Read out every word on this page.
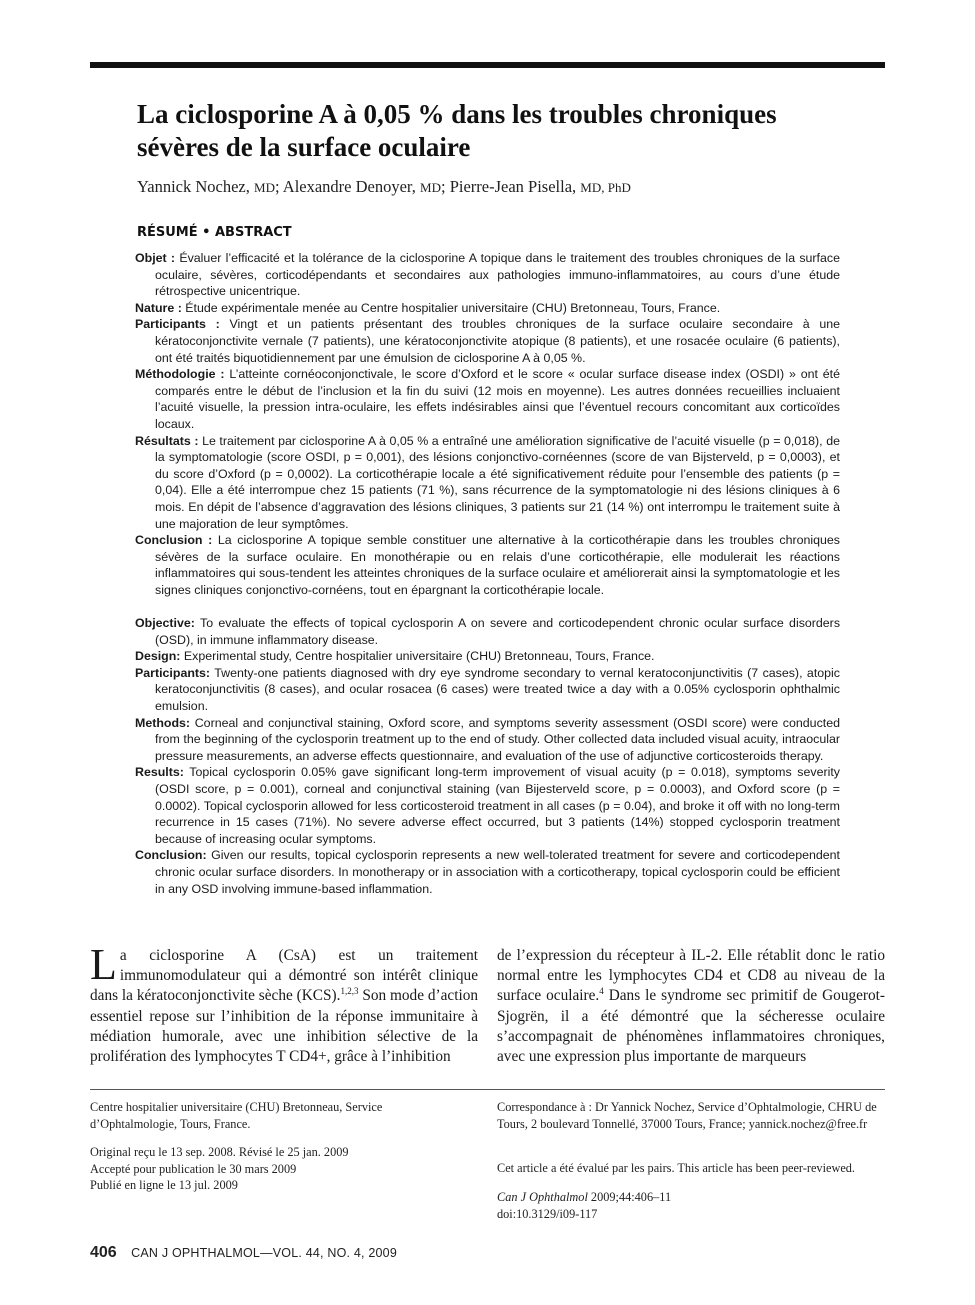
La ciclosporine A à 0,05 % dans les troubles chroniques sévères de la surface oculaire
Yannick Nochez, MD; Alexandre Denoyer, MD; Pierre-Jean Pisella, MD, PhD
RÉSUMÉ • ABSTRACT

Objet : Évaluer l’efficacité et la tolérance de la ciclosporine A topique dans le traitement des troubles chroniques de la surface oculaire, sévères, corticodépendants et secondaires aux pathologies immuno-inflammatoires, au cours d’une étude rétrospective unicentrique.

Nature : Étude expérimentale menée au Centre hospitalier universitaire (CHU) Bretonneau, Tours, France.

Participants : Vingt et un patients présentant des troubles chroniques de la surface oculaire secondaire à une kératoconjonctivite vernale (7 patients), une kératoconjonctivite atopique (8 patients), et une rosacée oculaire (6 patients), ont été traités biquotidiennement par une émulsion de ciclosporine A à 0,05 %.

Méthodologie : L’atteinte cornéoconjonctivale, le score d’Oxford et le score « ocular surface disease index (OSDI) » ont été comparés entre le début de l’inclusion et la fin du suivi (12 mois en moyenne). Les autres données recueillies incluaient l’acuité visuelle, la pression intra-oculaire, les effets indésirables ainsi que l’éventuel recours concomitant aux corticoïdes locaux.

Résultats : Le traitement par ciclosporine A à 0,05 % a entraîné une amélioration significative de l’acuité visuelle (p = 0,018), de la symptomatologie (score OSDI, p = 0,001), des lésions conjonctivo-cornéennes (score de van Bijsterveld, p = 0,0003), et du score d’Oxford (p = 0,0002). La corticothérapie locale a été significativement réduite pour l’ensemble des patients (p = 0,04). Elle a été interrompue chez 15 patients (71 %), sans récurrence de la symptomatologie ni des lésions cliniques à 6 mois. En dépit de l’absence d’aggravation des lésions cliniques, 3 patients sur 21 (14 %) ont interrompu le traitement suite à une majoration de leur symptômes.

Conclusion : La ciclosporine A topique semble constituer une alternative à la corticothérapie dans les troubles chroniques sévères de la surface oculaire. En monothérapie ou en relais d’une corticothérapie, elle modulerait les réactions inflammatoires qui sous-tendent les atteintes chroniques de la surface oculaire et améliorerait ainsi la symptomatologie et les signes cliniques conjonctivo-cornéens, tout en épargnant la corticothérapie locale.

Objective: To evaluate the effects of topical cyclosporin A on severe and corticodependent chronic ocular surface disorders (OSD), in immune inflammatory disease.

Design: Experimental study, Centre hospitalier universitaire (CHU) Bretonneau, Tours, France.

Participants: Twenty-one patients diagnosed with dry eye syndrome secondary to vernal keratoconjunctivitis (7 cases), atopic keratoconjunctivitis (8 cases), and ocular rosacea (6 cases) were treated twice a day with a 0.05% cyclosporin ophthalmic emulsion.

Methods: Corneal and conjunctival staining, Oxford score, and symptoms severity assessment (OSDI score) were conducted from the beginning of the cyclosporin treatment up to the end of study. Other collected data included visual acuity, intraocular pressure measurements, an adverse effects questionnaire, and evaluation of the use of adjunctive corticosteroids therapy.

Results: Topical cyclosporin 0.05% gave significant long-term improvement of visual acuity (p = 0.018), symptoms severity (OSDI score, p = 0.001), corneal and conjunctival staining (van Bijesterveld score, p = 0.0003), and Oxford score (p = 0.0002). Topical cyclosporin allowed for less corticosteroid treatment in all cases (p = 0.04), and broke it off with no long-term recurrence in 15 cases (71%). No severe adverse effect occurred, but 3 patients (14%) stopped cyclosporin treatment because of increasing ocular symptoms.

Conclusion: Given our results, topical cyclosporin represents a new well-tolerated treatment for severe and corticodependent chronic ocular surface disorders. In monotherapy or in association with a corticotherapy, topical cyclosporin could be efficient in any OSD involving immune-based inflammation.

La ciclosporine A (CsA) est un traitement immunomodulateur qui a démontré son intérêt clinique dans la kératoconjonctivite sèche (KCS).$^{1,2,3}$ Son mode d’action essentiel repose sur l’inhibition de la réponse immunitaire à médiation humorale, avec une inhibition sélective de la prolifération des lymphocytes T CD4+, grâce à l’inhibition
de l’expression du récepteur à IL-2. Elle rétablit donc le ratio normal entre les lymphocytes CD4 et CD8 au niveau de la surface oculaire.$^4$ Dans le syndrome sec primitif de Gougerot-Sjogrën, il a été démontré que la sécheresse oculaire s’accompagnait de phénomènes inflammatoires chroniques, avec une expression plus importante de marqueurs

Centre hospitalier universitaire (CHU) Bretonneau, Service d’Ophtalmologie, Tours, France.

Original reçu le 13 sep. 2008. Révisé le 25 jan. 2009

Accepté pour publication le 30 mars 2009

Publié en ligne le 13 jul. 2009

Correspondance à : Dr Yannick Nochez, Service d’Ophtalmologie, CHRU de Tours, 2 boulevard Tonnellé, 37000 Tours, France; yannick.nochez@free.fr

Cet article a été évalué par les pairs. This article has been peer-reviewed.

Can J Ophthalmol 2009;44:406–11

doi:10.3129/i09-117

406 CAN J OPHTHALMOL—VOL. 44, NO. 4, 2009
